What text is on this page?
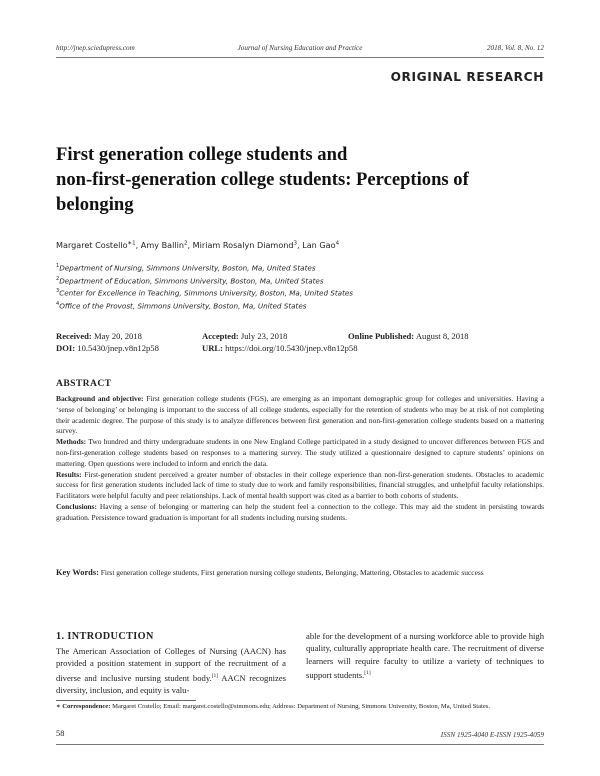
http://jnep.sciedupress.com	Journal of Nursing Education and Practice	2018, Vol. 8, No. 12
ORIGINAL RESEARCH
First generation college students and
non-first-generation college students: Perceptions of
belonging
Margaret Costello$^{∗1}$, Amy Ballin$^2$, Miriam Rosalyn Diamond$^3$, Lan Gao$^4$
$^1$Department of Nursing, Simmons University, Boston, Ma, United States
$^2$Department of Education, Simmons University, Boston, Ma, United States
$^3$Center for Excellence in Teaching, Simmons University, Boston, Ma, United States
$^4$Office of the Provost, Simmons University, Boston, Ma, United States
Received: May 20, 2018	Accepted: July 23, 2018	Online Published: August 8, 2018
DOI: 10.5430/jnep.v8n12p58	URL: https://doi.org/10.5430/jnep.v8n12p58
ABSTRACT

Background and objective: First generation college students (FGS), are emerging as an important demographic group for colleges and universities. Having a ‘sense of belonging’ or belonging is important to the success of all college students, especially for the retention of students who may be at risk of not completing their academic degree. The purpose of this study is to analyze differences between first generation and non-first-generation college students based on a mattering survey.

Methods: Two hundred and thirty undergraduate students in one New England College participated in a study designed to uncover differences between FGS and non-first-generation college students based on responses to a mattering survey. The study utilized a questionnaire designed to capture students’ opinions on mattering. Open questions were included to inform and enrich the data.

Results: First-generation student perceived a greater number of obstacles in their college experience than non-first-generation students. Obstacles to academic success for first generation students included lack of time to study due to work and family responsibilities, financial struggles, and unhelpful faculty relationships. Facilitators were helpful faculty and peer relationships. Lack of mental health support was cited as a barrier to both cohorts of students.

Conclusions: Having a sense of belonging or mattering can help the student feel a connection to the college. This may aid the student in persisting towards graduation. Persistence toward graduation is important for all students including nursing students.

Key Words: First generation college students, First generation nursing college students, Belonging, Mattering, Obstacles to academic success
1. INTRODUCTION
The American Association of Colleges of Nursing (AACN) has provided a position statement in support of the recruitment of a diverse and inclusive nursing student body.[1] AACN recognizes diversity, inclusion, and equity is valu-
able for the development of a nursing workforce able to provide high quality, culturally appropriate health care. The recruitment of diverse learners will require faculty to utilize a variety of techniques to support students.[1]
∗ Correspondence: Margaret Costello; Email: margaret.costello@simmons.edu; Address: Department of Nursing, Simmons University, Boston, Ma, United States.
58	ISSN 1925-4040 E-ISSN 1925-4059
